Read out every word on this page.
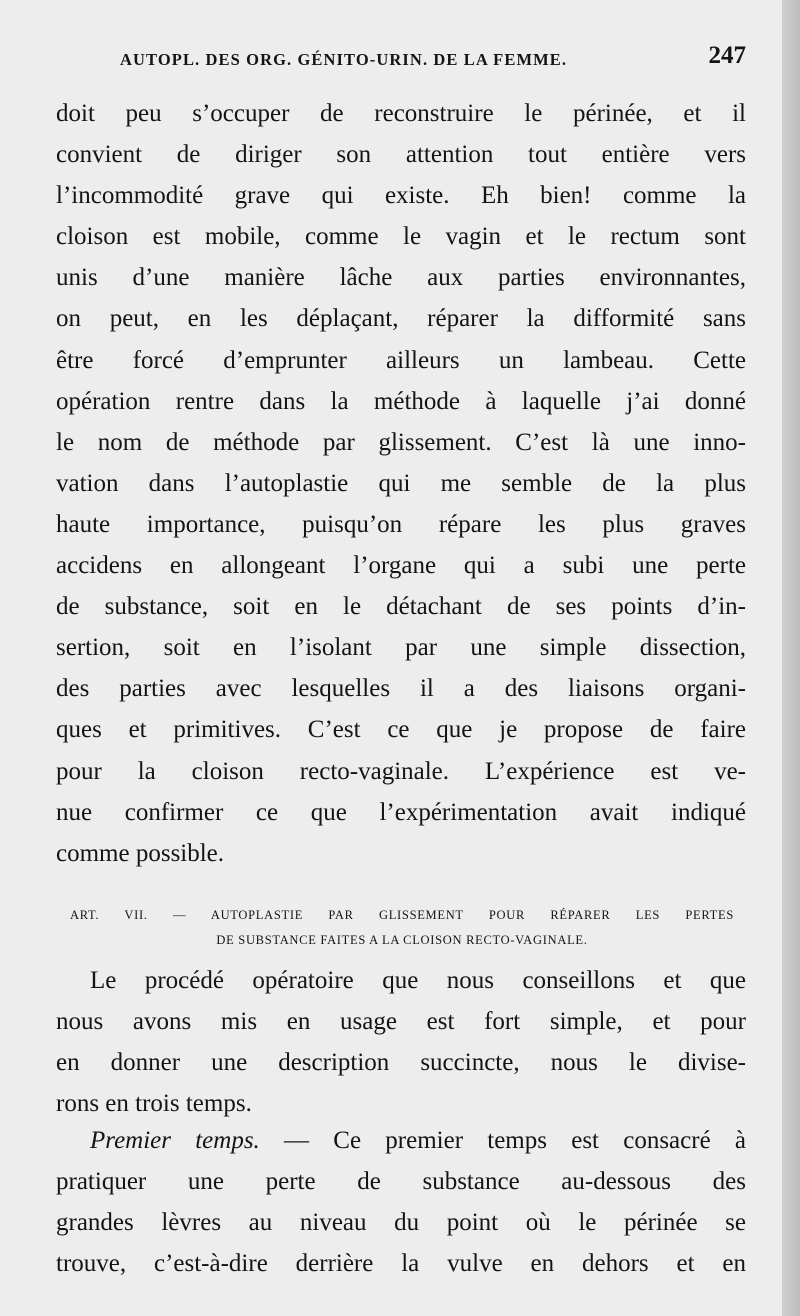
AUTOPL. DES ORG. GÉNITO-URIN. DE LA FEMME.	247
doit peu s’occuper de reconstruire le périnée, et il
convient de diriger son attention tout entière vers
l’incommodité grave qui existe. Eh bien! comme la
cloison est mobile, comme le vagin et le rectum sont
unis d’une manière lâche aux parties environnantes,
on peut, en les déplaçant, réparer la difformité sans
être forcé d’emprunter ailleurs un lambeau. Cette
opération rentre dans la méthode à laquelle j’ai donné
le nom de méthode par glissement. C’est là une inno-
vation dans l’autoplastie qui me semble de la plus
haute importance, puisqu’on répare les plus graves
accidens en allongeant l’organe qui a subi une perte
de substance, soit en le détachant de ses points d’in-
sertion, soit en l’isolant par une simple dissection,
des parties avec lesquelles il a des liaisons organi-
ques et primitives. C’est ce que je propose de faire
pour la cloison recto-vaginale. L’expérience est ve-
nue confirmer ce que l’expérimentation avait indiqué
comme possible.
ART. VII. — AUTOPLASTIE PAR GLISSEMENT POUR RÉPARER LES PERTES
DE SUBSTANCE FAITES A LA CLOISON RECTO-VAGINALE.
Le procédé opératoire que nous conseillons et que
nous avons mis en usage est fort simple, et pour
en donner une description succincte, nous le divise-
rons en trois temps.
Premier temps. — Ce premier temps est consacré à
pratiquer une perte de substance au-dessous des
grandes lèvres au niveau du point où le périnée se
trouve, c’est-à-dire derrière la vulve en dehors et en
